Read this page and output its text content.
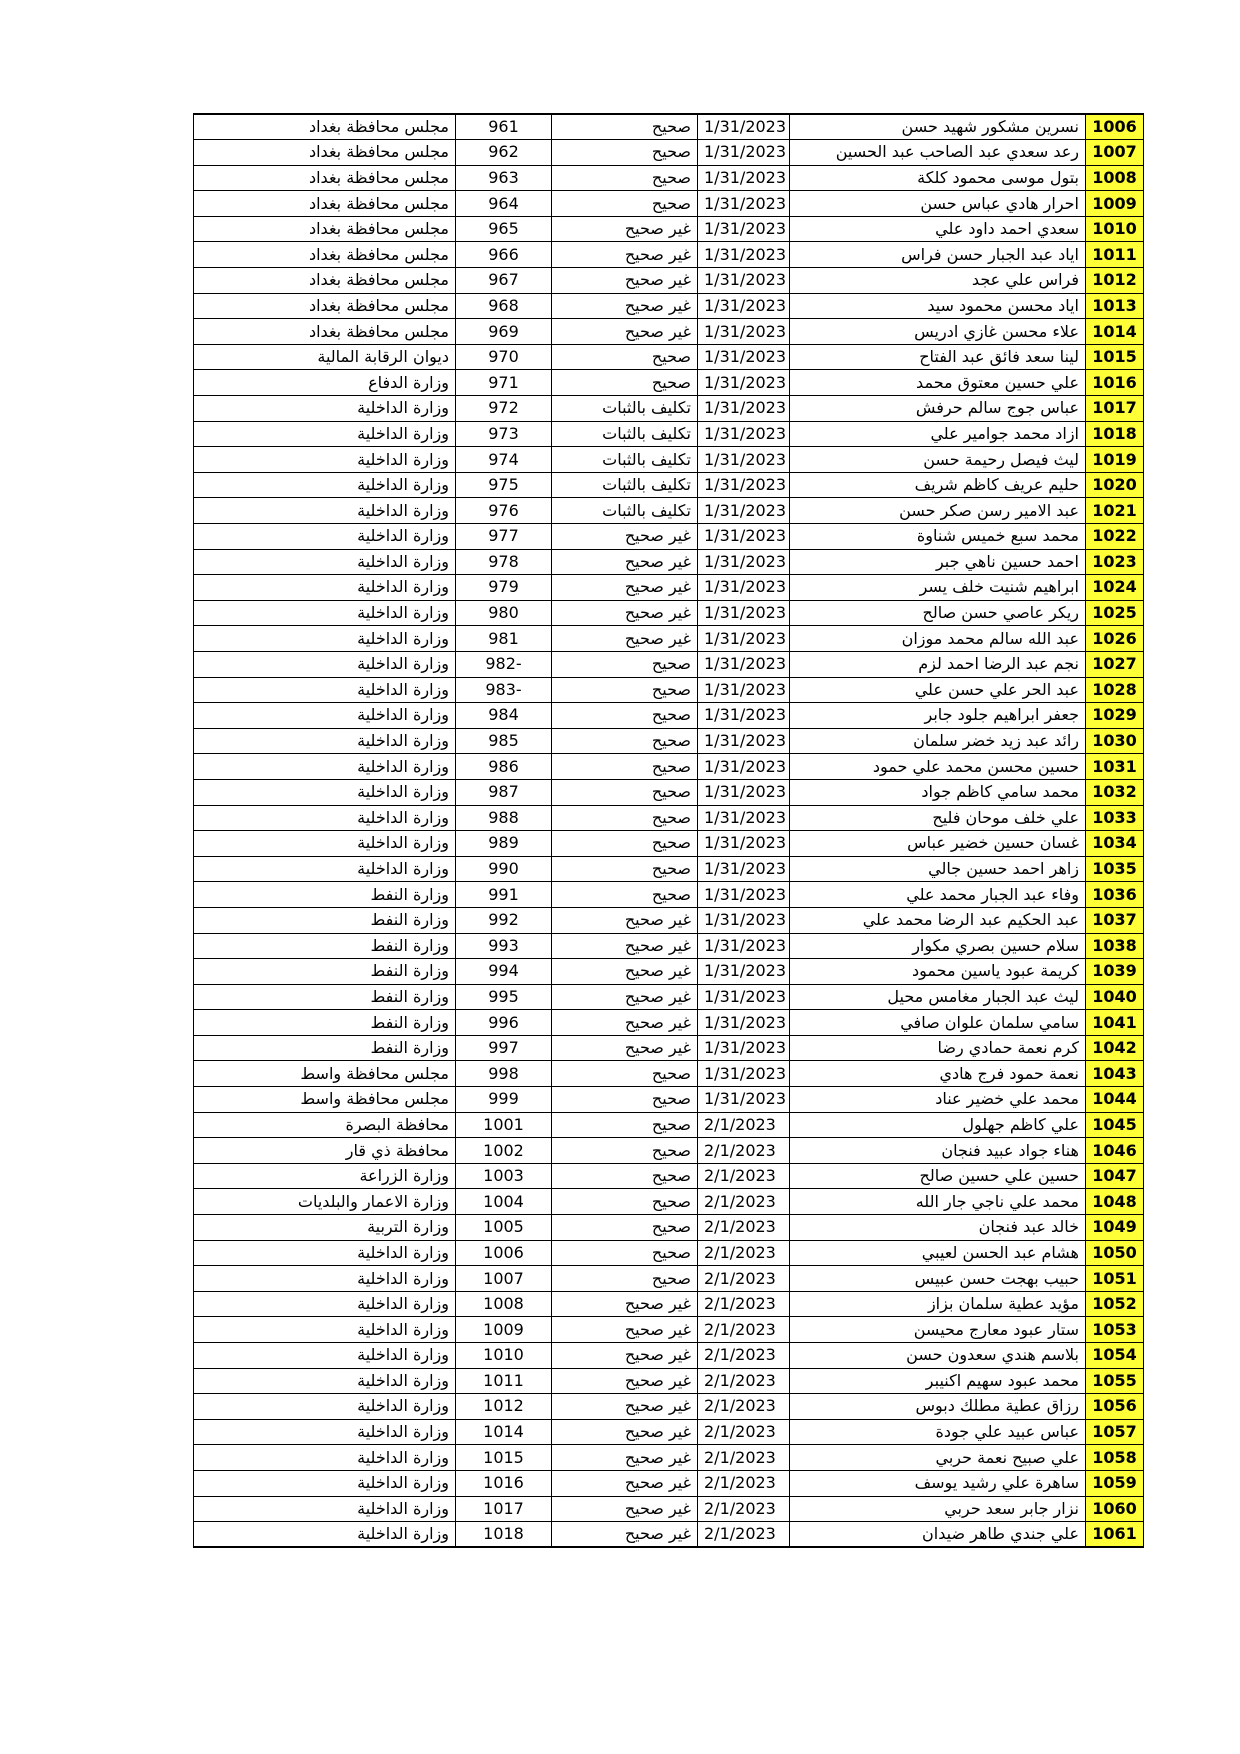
مجلس محافظة بغداد	961	صحيح	1/31/2023	نسرين مشكور شهيد حسن	1006
مجلس محافظة بغداد	962	صحيح	1/31/2023	رعد سعدي عبد الصاحب عبد الحسين	1007
مجلس محافظة بغداد	963	صحيح	1/31/2023	بتول موسى محمود كلكة	1008
مجلس محافظة بغداد	964	صحيح	1/31/2023	احرار هادي عباس حسن	1009
مجلس محافظة بغداد	965	غير صحيح	1/31/2023	سعدي احمد داود علي	1010
مجلس محافظة بغداد	966	غير صحيح	1/31/2023	اياد عبد الجبار حسن فراس	1011
مجلس محافظة بغداد	967	غير صحيح	1/31/2023	فراس علي عجد	1012
مجلس محافظة بغداد	968	غير صحيح	1/31/2023	اياد محسن محمود سيد	1013
مجلس محافظة بغداد	969	غير صحيح	1/31/2023	علاء محسن غازي ادريس	1014
ديوان الرقابة المالية	970	صحيح	1/31/2023	لينا سعد فائق عبد الفتاح	1015
وزارة الدفاع	971	صحيح	1/31/2023	علي حسين معتوق محمد	1016
وزارة الداخلية	972	تكليف بالثبات	1/31/2023	عباس جوج سالم حرفش	1017
وزارة الداخلية	973	تكليف بالثبات	1/31/2023	ازاد محمد جوامير علي	1018
وزارة الداخلية	974	تكليف بالثبات	1/31/2023	ليث فيصل رحيمة حسن	1019
وزارة الداخلية	975	تكليف بالثبات	1/31/2023	حليم عريف كاظم شريف	1020
وزارة الداخلية	976	تكليف بالثبات	1/31/2023	عبد الامير رسن صكر حسن	1021
وزارة الداخلية	977	غير صحيح	1/31/2023	محمد سبع خميس شناوة	1022
وزارة الداخلية	978	غير صحيح	1/31/2023	احمد حسين ناهي جبر	1023
وزارة الداخلية	979	غير صحيح	1/31/2023	ابراهيم شنيت خلف يسر	1024
وزارة الداخلية	980	غير صحيح	1/31/2023	ريكر عاصي حسن صالح	1025
وزارة الداخلية	981	غير صحيح	1/31/2023	عبد الله سالم محمد موزان	1026
وزارة الداخلية	982-	صحيح	1/31/2023	نجم عبد الرضا احمد لزم	1027
وزارة الداخلية	983-	صحيح	1/31/2023	عبد الحر علي حسن علي	1028
وزارة الداخلية	984	صحيح	1/31/2023	جعفر ابراهيم جلود جابر	1029
وزارة الداخلية	985	صحيح	1/31/2023	رائد عبد زيد خضر سلمان	1030
وزارة الداخلية	986	صحيح	1/31/2023	حسين محسن محمد علي حمود	1031
وزارة الداخلية	987	صحيح	1/31/2023	محمد سامي كاظم جواد	1032
وزارة الداخلية	988	صحيح	1/31/2023	علي خلف موحان فليح	1033
وزارة الداخلية	989	صحيح	1/31/2023	غسان حسين خضير عباس	1034
وزارة الداخلية	990	صحيح	1/31/2023	زاهر احمد حسين جالي	1035
وزارة النفط	991	صحيح	1/31/2023	وفاء عبد الجبار محمد علي	1036
وزارة النفط	992	غير صحيح	1/31/2023	عبد الحكيم عبد الرضا محمد علي	1037
وزارة النفط	993	غير صحيح	1/31/2023	سلام حسين بصري مكوار	1038
وزارة النفط	994	غير صحيح	1/31/2023	كريمة عبود ياسين محمود	1039
وزارة النفط	995	غير صحيح	1/31/2023	ليث عبد الجبار مغامس محيل	1040
وزارة النفط	996	غير صحيح	1/31/2023	سامي سلمان علوان صافي	1041
وزارة النفط	997	غير صحيح	1/31/2023	كرم نعمة حمادي رضا	1042
مجلس محافظة واسط	998	صحيح	1/31/2023	نعمة حمود فرج هادي	1043
مجلس محافظة واسط	999	صحيح	1/31/2023	محمد علي خضير عناد	1044
محافظة البصرة	1001	صحيح	2/1/2023	علي كاظم جهلول	1045
محافظة ذي قار	1002	صحيح	2/1/2023	هناء جواد عبيد فنجان	1046
وزارة الزراعة	1003	صحيح	2/1/2023	حسين علي حسين صالح	1047
وزارة الاعمار والبلديات	1004	صحيح	2/1/2023	محمد علي ناجي جار الله	1048
وزارة التربية	1005	صحيح	2/1/2023	خالد عبد فنجان	1049
وزارة الداخلية	1006	صحيح	2/1/2023	هشام عبد الحسن لعيبي	1050
وزارة الداخلية	1007	صحيح	2/1/2023	حبيب بهجت حسن عبيس	1051
وزارة الداخلية	1008	غير صحيح	2/1/2023	مؤيد عطية سلمان بزاز	1052
وزارة الداخلية	1009	غير صحيح	2/1/2023	ستار عبود معارج محيسن	1053
وزارة الداخلية	1010	غير صحيح	2/1/2023	بلاسم هندي سعدون حسن	1054
وزارة الداخلية	1011	غير صحيح	2/1/2023	محمد عبود سهيم اكنيبر	1055
وزارة الداخلية	1012	غير صحيح	2/1/2023	رزاق عطية مطلك دبوس	1056
وزارة الداخلية	1014	غير صحيح	2/1/2023	عباس عبيد علي جودة	1057
وزارة الداخلية	1015	غير صحيح	2/1/2023	علي صبيح نعمة حربي	1058
وزارة الداخلية	1016	غير صحيح	2/1/2023	ساهرة علي رشيد يوسف	1059
وزارة الداخلية	1017	غير صحيح	2/1/2023	نزار جابر سعد حربي	1060
وزارة الداخلية	1018	غير صحيح	2/1/2023	علي جندي طاهر ضيدان	1061
